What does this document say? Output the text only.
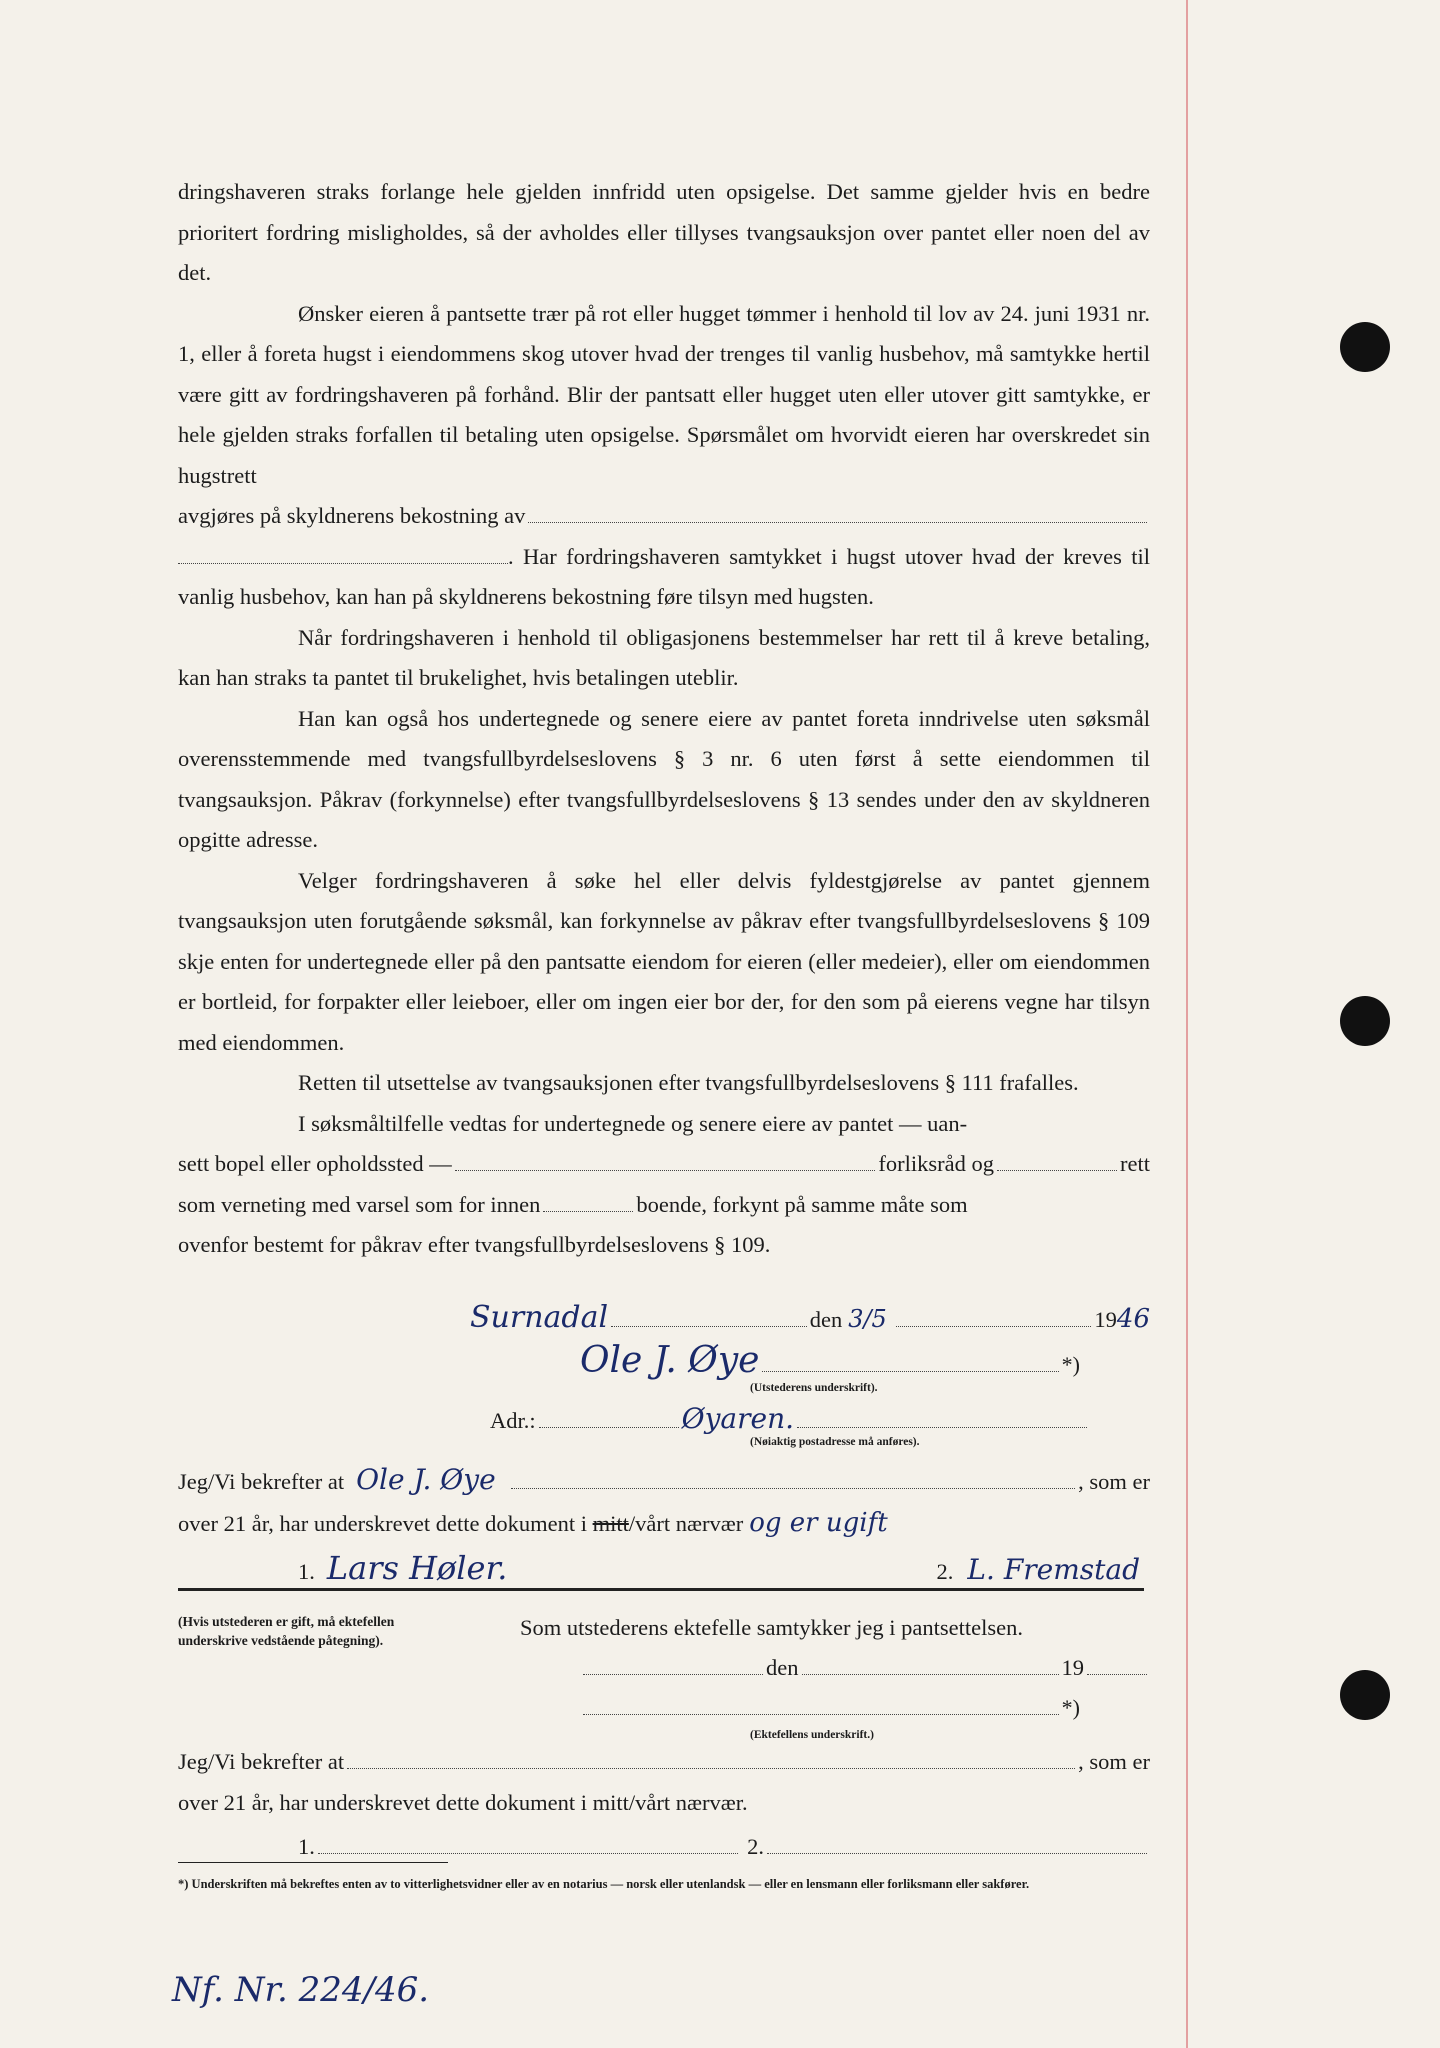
dringshaveren straks forlange hele gjelden innfridd uten opsigelse. Det samme gjelder hvis en bedre prioritert fordring misligholdes, så der avholdes eller tillyses tvangsauksjon over pantet eller noen del av det.

Ønsker eieren å pantsette trær på rot eller hugget tømmer i henhold til lov av 24. juni 1931 nr. 1, eller å foreta hugst i eiendommens skog utover hvad der trenges til vanlig husbehov, må samtykke hertil være gitt av fordringshaveren på forhånd. Blir der pantsatt eller hugget uten eller utover gitt samtykke, er hele gjelden straks forfallen til betaling uten opsigelse. Spørsmålet om hvorvidt eieren har overskredet sin hugstrett

avgjøres på skyldnerens bekostning av

. Har fordringshaveren samtykket i hugst utover hvad der kreves til vanlig husbehov, kan han på skyldnerens bekostning føre tilsyn med hugsten.

Når fordringshaveren i henhold til obligasjonens bestemmelser har rett til å kreve betaling, kan han straks ta pantet til brukelighet, hvis betalingen uteblir.

Han kan også hos undertegnede og senere eiere av pantet foreta inndrivelse uten søksmål overensstemmende med tvangsfullbyrdelseslovens § 3 nr. 6 uten først å sette eiendommen til tvangsauksjon. Påkrav (forkynnelse) efter tvangsfullbyrdelseslovens § 13 sendes under den av skyldneren opgitte adresse.

Velger fordringshaveren å søke hel eller delvis fyldestgjørelse av pantet gjennem tvangsauksjon uten forutgående søksmål, kan forkynnelse av påkrav efter tvangsfullbyrdelseslovens § 109 skje enten for undertegnede eller på den pantsatte eiendom for eieren (eller medeier), eller om eiendommen er bortleid, for forpakter eller leieboer, eller om ingen eier bor der, for den som på eierens vegne har tilsyn med eiendommen.

Retten til utsettelse av tvangsauksjonen efter tvangsfullbyrdelseslovens § 111 frafalles.

I søksmåltilfelle vedtas for undertegnede og senere eiere av pantet — uan-

sett bopel eller opholdssted —	forliksråd og	rett
som verneting med varsel som for innen	boende, forkynt på samme måte som

ovenfor bestemt for påkrav efter tvangsfullbyrdelseslovens § 109.

Surnadal	den 3/5	19 46
Ole J. Øye	*)
(Utstederens underskrift).
Adr.:	Øyaren.
(Nøiaktig postadresse må anføres).
Jeg/Vi bekrefter at Ole J. Øye	, som er
over 21 år, har underskrevet dette dokument i
mitt /vårt nærvær og er ugift
1. Lars Høler.	2. L. Fremstad
(Hvis utstederen er gift, må ektefellen underskrive vedstående påtegning).
Som utstederens ektefelle samtykker jeg i pantsettelsen.
den	19
*)
(Ektefellens underskrift.)
Jeg/Vi bekrefter at	, som er
over 21 år, har underskrevet dette dokument i mitt/vårt nærvær.
1.	2.
*) Underskriften må bekreftes enten av to vitterlighetsvidner eller av en notarius — norsk eller utenlandsk — eller en lensmann eller forliksmann eller sakfører.
Nf. Nr. 224/46.
